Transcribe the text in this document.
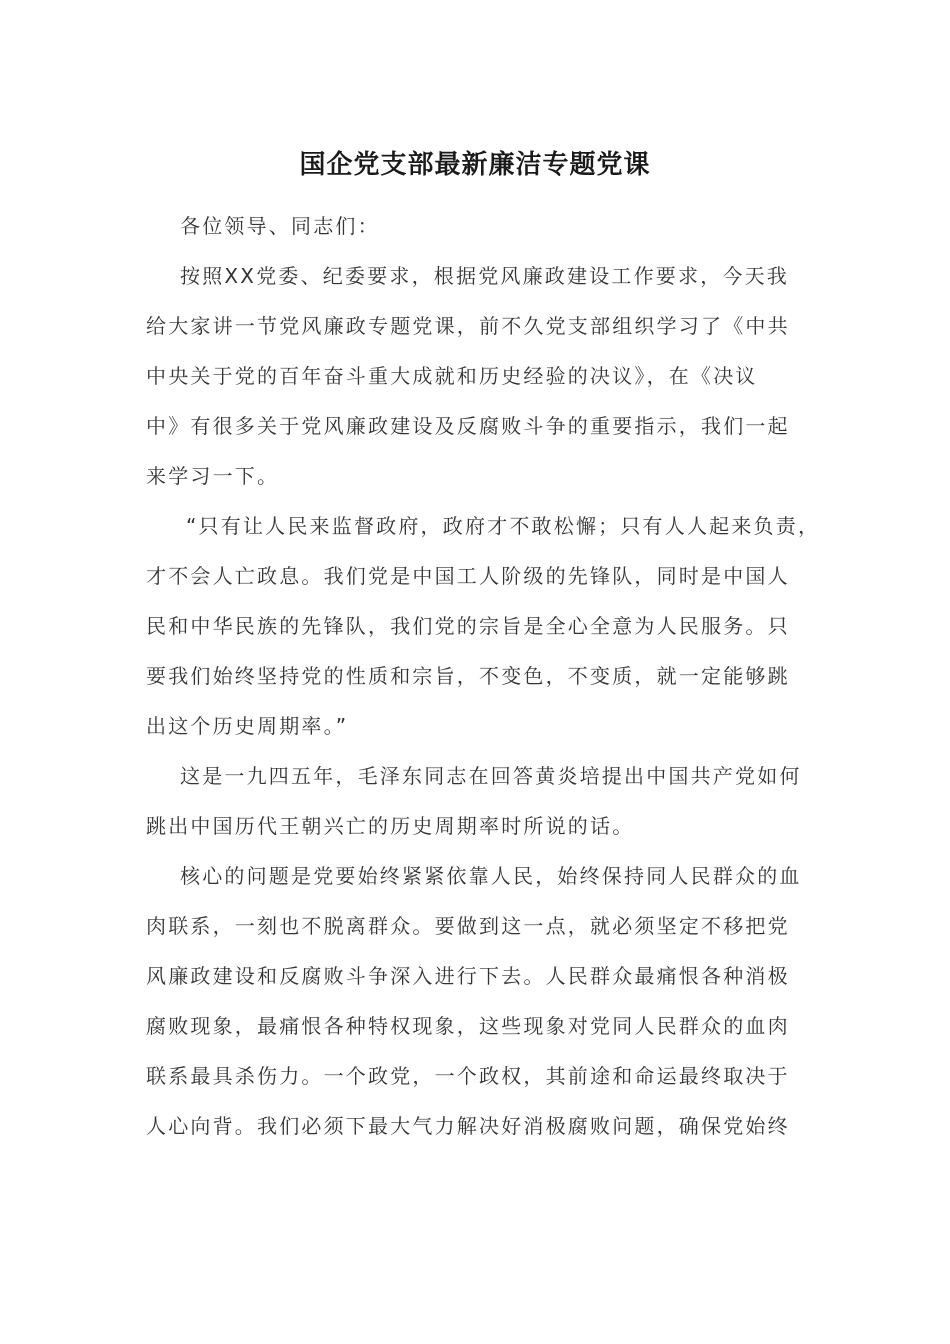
国企党支部最新廉洁专题党课
各位领导、同志们：
按照XX党委、纪委要求，根据党风廉政建设工作要求，今天我
给大家讲一节党风廉政专题党课，前不久党支部组织学习了《中共
中央关于党的百年奋斗重大成就和历史经验的决议》，在《决议
中》有很多关于党风廉政建设及反腐败斗争的重要指示，我们一起
来学习一下。
“只有让人民来监督政府，政府才不敢松懈；只有人人起来负责，
才不会人亡政息。我们党是中国工人阶级的先锋队，同时是中国人
民和中华民族的先锋队，我们党的宗旨是全心全意为人民服务。只
要我们始终坚持党的性质和宗旨，不变色，不变质，就一定能够跳
出这个历史周期率。”
这是一九四五年，毛泽东同志在回答黄炎培提出中国共产党如何
跳出中国历代王朝兴亡的历史周期率时所说的话。
核心的问题是党要始终紧紧依靠人民，始终保持同人民群众的血
肉联系，一刻也不脱离群众。要做到这一点，就必须坚定不移把党
风廉政建设和反腐败斗争深入进行下去。人民群众最痛恨各种消极
腐败现象，最痛恨各种特权现象，这些现象对党同人民群众的血肉
联系最具杀伤力。一个政党，一个政权，其前途和命运最终取决于
人心向背。我们必须下最大气力解决好消极腐败问题，确保党始终
